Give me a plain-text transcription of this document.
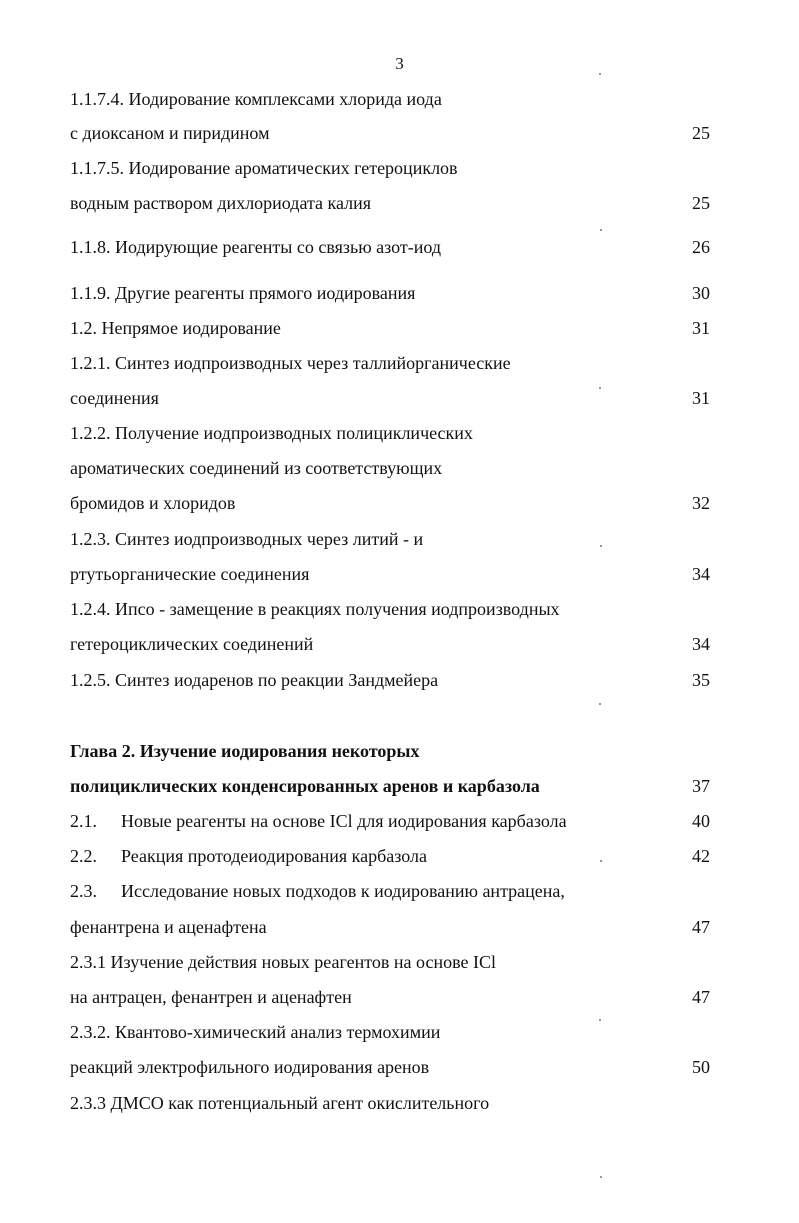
3
1.1.7.4. Иодирование комплексами хлорида иода
с диоксаном и пиридином	25
1.1.7.5. Иодирование ароматических гетероциклов
водным раствором дихлориодата калия	25
1.1.8. Иодирующие реагенты со связью азот-иод	26
1.1.9. Другие реагенты прямого иодирования	30
1.2. Непрямое иодирование	31
1.2.1. Синтез иодпроизводных через таллийорганические
соединения	31
1.2.2. Получение иодпроизводных полициклических
ароматических соединений из соответствующих
бромидов и хлоридов	32
1.2.3. Синтез иодпроизводных через литий - и
ртутьорганические соединения	34
1.2.4. Ипсо - замещение в реакциях получения иодпроизводных
гетероциклических соединений	34
1.2.5. Синтез иодаренов по реакции Зандмейера	35
Глава 2. Изучение иодирования некоторых
полициклических конденсированных аренов и карбазола	37
2.1. Новые реагенты на основе ICl для иодирования карбазола	40
2.2. Реакция протодеиодирования карбазола	42
2.3. Исследование новых подходов к иодированию антрацена,
фенантрена и аценафтена	47
2.3.1 Изучение действия новых реагентов на основе ICl
на антрацен, фенантрен и аценафтен	47
2.3.2. Квантово-химический анализ термохимии
реакций электрофильного иодирования аренов	50
2.3.3 ДМСО как потенциальный агент окислительного
